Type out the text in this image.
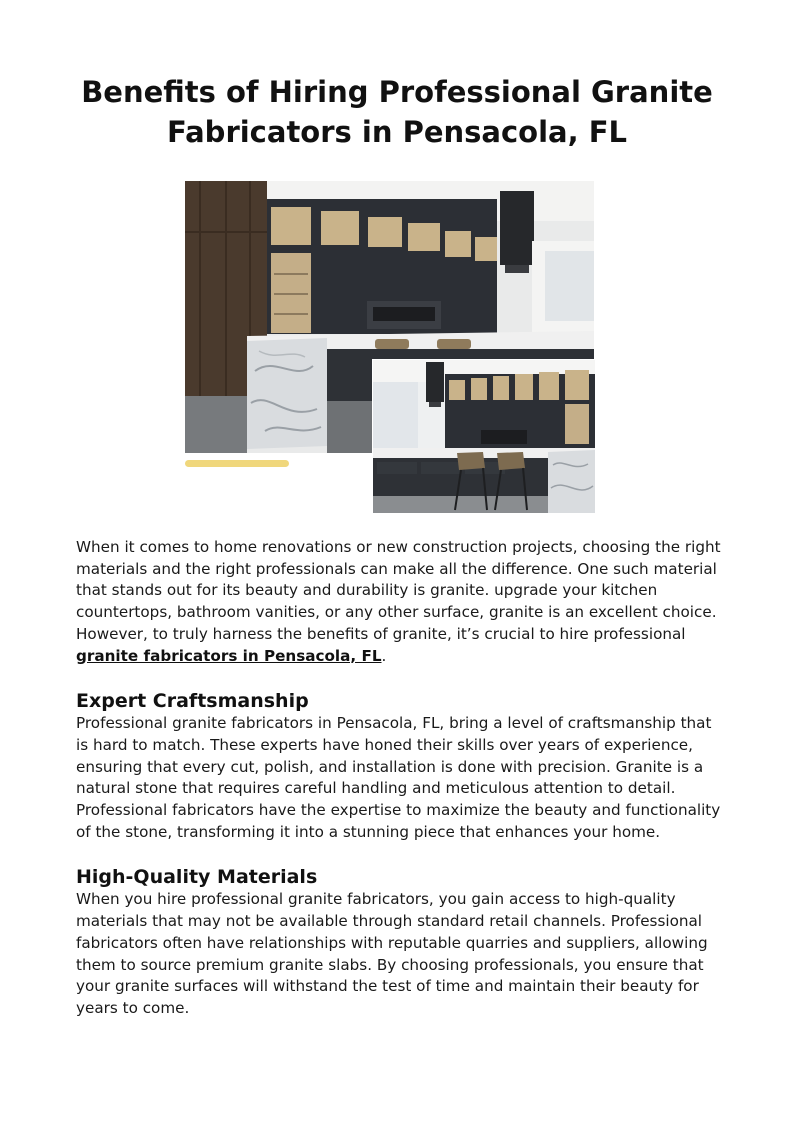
Benefits of Hiring Professional Granite Fabricators in Pensacola, FL

When it comes to home renovations or new construction projects, choosing the right materials and the right professionals can make all the difference. One such material that stands out for its beauty and durability is granite. upgrade your kitchen countertops, bathroom vanities, or any other surface, granite is an excellent choice. However, to truly harness the benefits of granite, it’s crucial to hire professional granite fabricators in Pensacola, FL.

Expert Craftsmanship

Professional granite fabricators in Pensacola, FL, bring a level of craftsmanship that is hard to match. These experts have honed their skills over years of experience, ensuring that every cut, polish, and installation is done with precision. Granite is a natural stone that requires careful handling and meticulous attention to detail. Professional fabricators have the expertise to maximize the beauty and functionality of the stone, transforming it into a stunning piece that enhances your home.

High-Quality Materials

When you hire professional granite fabricators, you gain access to high-quality materials that may not be available through standard retail channels. Professional fabricators often have relationships with reputable quarries and suppliers, allowing them to source premium granite slabs. By choosing professionals, you ensure that your granite surfaces will withstand the test of time and maintain their beauty for years to come.
